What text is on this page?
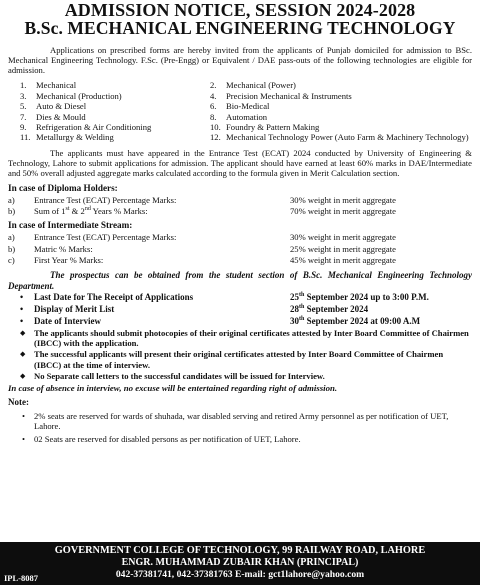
ADMISSION NOTICE, SESSION 2024-2028
B.Sc. MECHANICAL ENGINEERING TECHNOLOGY
Applications on prescribed forms are hereby invited from the applicants of Punjab domiciled for admission to BSc. Mechanical Engineering Technology. F.Sc. (Pre-Engg) or Equivalent / DAE pass-outs of the following technologies are eligible for admission.
1.	Mechanical	2.	Mechanical (Power)
3.	Mechanical (Production)	4.	Precision Mechanical & Instruments
5.	Auto & Diesel	6.	Bio-Medical
7.	Dies & Mould	8.	Automation
9.	Refrigeration & Air Conditioning	10. Foundry & Pattern Making
11. Metallurgy & Welding	12. Mechanical Technology Power (Auto Farm & Machinery Technology)
The applicants must have appeared in the Entrance Test (ECAT) 2024 conducted by University of Engineering & Technology, Lahore to submit applications for admission. The applicant should have earned at least 60% marks in DAE/Intermediate and 50% overall adjusted aggregate marks calculated according to the formula given in Merit Calculation section.
In case of Diploma Holders:
a)	Entrance Test (ECAT) Percentage Marks:	30% weight in merit aggregate
b)	Sum of 1st & 2nd Years % Marks:	70% weight in merit aggregate
In case of Intermediate Stream:
a)	Entrance Test (ECAT) Percentage Marks:	30% weight in merit aggregate
b)	Matric % Marks:	25% weight in merit aggregate
c)	First Year % Marks:	45% weight in merit aggregate
The prospectus can be obtained from the student section of B.Sc. Mechanical Engineering Technology Department.
•	Last Date for The Receipt of Applications	25th September 2024 up to 3:00 P.M.
•	Display of Merit List	28th September 2024
•	Date of Interview	30th September 2024 at 09:00 A.M
◆	The applicants should submit photocopies of their original certificates attested by Inter Board Committee of Chairmen (IBCC) with the application.
◆	The successful applicants will present their original certificates attested by Inter Board Committee of Chairmen (IBCC) at the time of interview.
◆	No Separate call letters to the successful candidates will be issued for Interview.
In case of absence in interview, no excuse will be entertained regarding right of admission.
Note:
•	2% seats are reserved for wards of shuhada, war disabled serving and retired Army personnel as per notification of UET, Lahore.
•	02 Seats are reserved for disabled persons as per notification of UET, Lahore.
GOVERNMENT COLLEGE OF TECHNOLOGY, 99 RAILWAY ROAD, LAHORE
ENGR. MUHAMMAD ZUBAIR KHAN (PRINCIPAL)
042-37381741, 042-37381763 E-mail: gct1lahore@yahoo.com
IPL-8087
